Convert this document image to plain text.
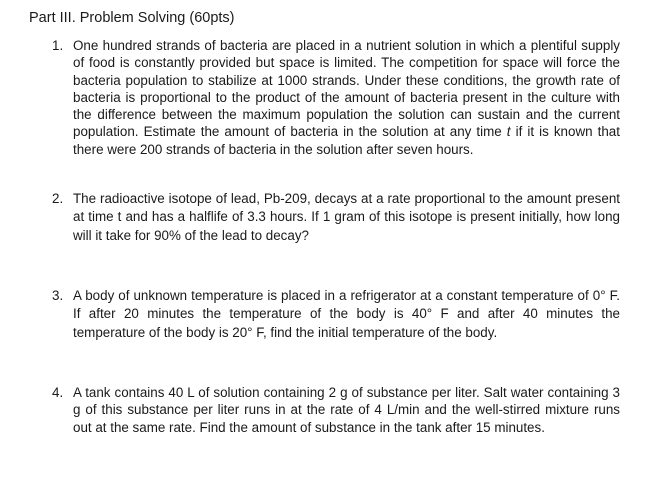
Part III. Problem Solving (60pts)
1. One hundred strands of bacteria are placed in a nutrient solution in which a plentiful supply of food is constantly provided but space is limited. The competition for space will force the bacteria population to stabilize at 1000 strands. Under these conditions, the growth rate of bacteria is proportional to the product of the amount of bacteria present in the culture with the difference between the maximum population the solution can sustain and the current population. Estimate the amount of bacteria in the solution at any time t if it is known that there were 200 strands of bacteria in the solution after seven hours.
2. The radioactive isotope of lead, Pb-209, decays at a rate proportional to the amount present at time t and has a halflife of 3.3 hours. If 1 gram of this isotope is present initially, how long will it take for 90% of the lead to decay?
3. A body of unknown temperature is placed in a refrigerator at a constant temperature of 0° F. If after 20 minutes the temperature of the body is 40° F and after 40 minutes the temperature of the body is 20° F, find the initial temperature of the body.
4. A tank contains 40 L of solution containing 2 g of substance per liter. Salt water containing 3 g of this substance per liter runs in at the rate of 4 L/min and the well-stirred mixture runs out at the same rate. Find the amount of substance in the tank after 15 minutes.
